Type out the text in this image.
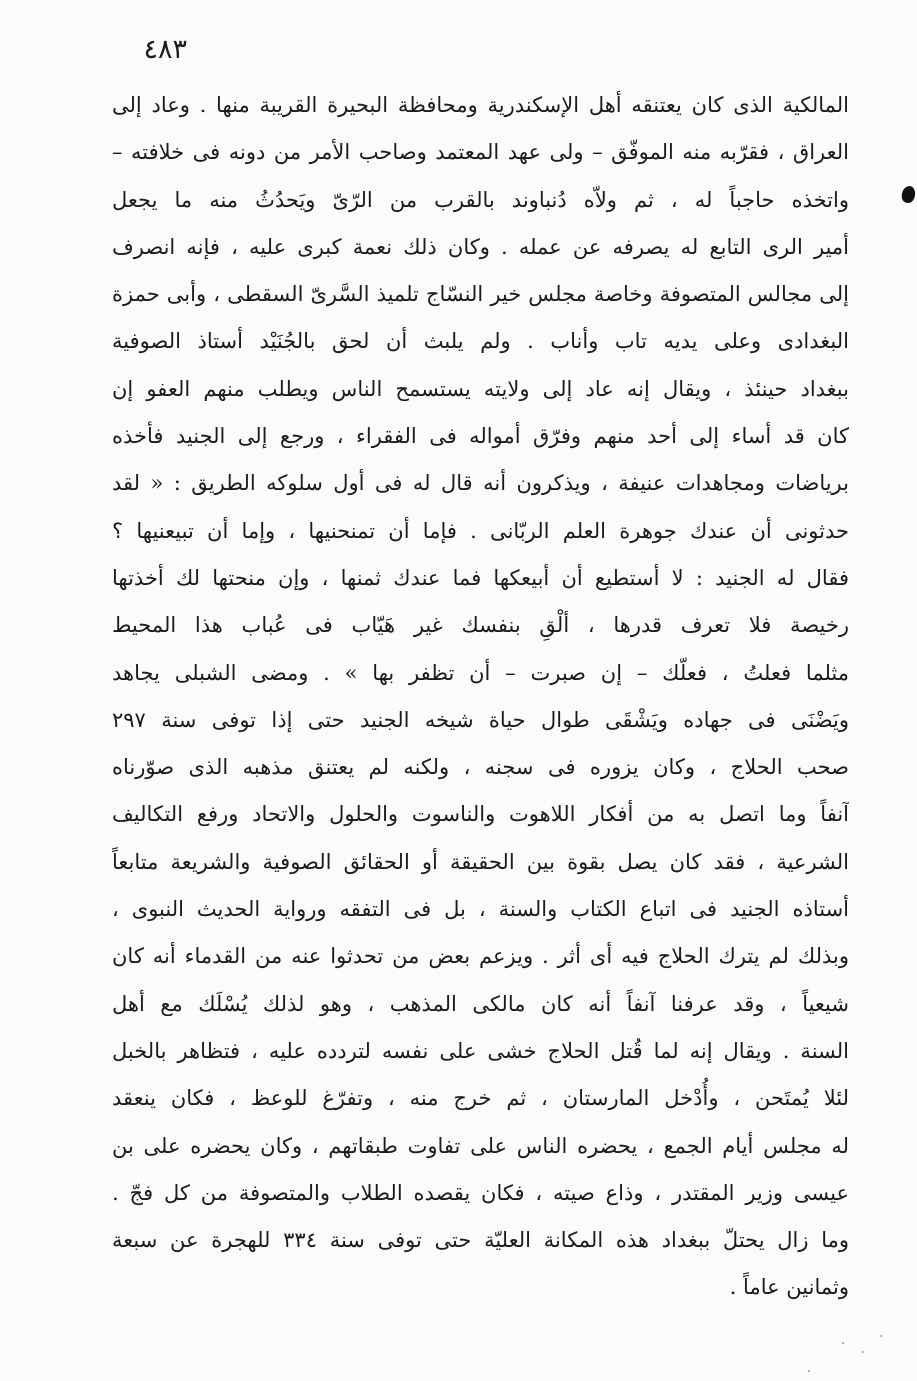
٤٨٣
المالكية الذى كان يعتنقه أهل الإسكندرية ومحافظة البحيرة القريبة منها . وعاد إلى
العراق ، فقرّبه منه الموفّق – ولى عهد المعتمد وصاحب الأمر من دونه فى خلافته –
واتخذه حاجباً له ، ثم ولاّه دُنباوند بالقرب من الرّىّ ويَحدُثُ منه ما يجعل
أمير الرى التابع له يصرفه عن عمله . وكان ذلك نعمة كبرى عليه ، فإنه انصرف
إلى مجالس المتصوفة وخاصة مجلس خير النسّاج تلميذ السَّرىّ السقطى ، وأبى حمزة
البغدادى وعلى يديه تاب وأناب . ولم يلبث أن لحق بالجُنَيْد أستاذ الصوفية
ببغداد حينئذ ، ويقال إنه عاد إلى ولايته يستسمح الناس ويطلب منهم العفو إن
كان قد أساء إلى أحد منهم وفرّق أمواله فى الفقراء ، ورجع إلى الجنيد فأخذه
برياضات ومجاهدات عنيفة ، ويذكرون أنه قال له فى أول سلوكه الطريق : « لقد
حدثونى أن عندك جوهرة العلم الربّانى . فإما أن تمنحنيها ، وإما أن تبيعنيها ؟
فقال له الجنيد : لا أستطيع أن أبيعكها فما عندك ثمنها ، وإن منحتها لك أخذتها
رخيصة فلا تعرف قدرها ، ألْقِ بنفسك غير هَيّاب فى عُباب هذا المحيط
مثلما فعلتُ ، فعلّك – إن صبرت – أن تظفر بها » . ومضى الشبلى يجاهد
ويَضْنَى فى جهاده ويَشْقَى طوال حياة شيخه الجنيد حتى إذا توفى سنة ٢٩٧
صحب الحلاج ، وكان يزوره فى سجنه ، ولكنه لم يعتنق مذهبه الذى صوّرناه
آنفاً وما اتصل به من أفكار اللاهوت والناسوت والحلول والاتحاد ورفع التكاليف
الشرعية ، فقد كان يصل بقوة بين الحقيقة أو الحقائق الصوفية والشريعة متابعاً
أستاذه الجنيد فى اتباع الكتاب والسنة ، بل فى التفقه ورواية الحديث النبوى ،
وبذلك لم يترك الحلاج فيه أى أثر . ويزعم بعض من تحدثوا عنه من القدماء أنه كان
شيعياً ، وقد عرفنا آنفاً أنه كان مالكى المذهب ، وهو لذلك يُسْلَك مع أهل
السنة . ويقال إنه لما قُتل الحلاج خشى على نفسه لتردده عليه ، فتظاهر بالخبل
لئلا يُمتَحن ، وأُدْخل المارستان ، ثم خرج منه ، وتفرّغ للوعظ ، فكان ينعقد
له مجلس أيام الجمع ، يحضره الناس على تفاوت طبقاتهم ، وكان يحضره على بن
عيسى وزير المقتدر ، وذاع صيته ، فكان يقصده الطلاب والمتصوفة من كل فجّ .
وما زال يحتلّ ببغداد هذه المكانة العليّة حتى توفى سنة ٣٣٤ للهجرة عن سبعة
وثمانين عاماً .
